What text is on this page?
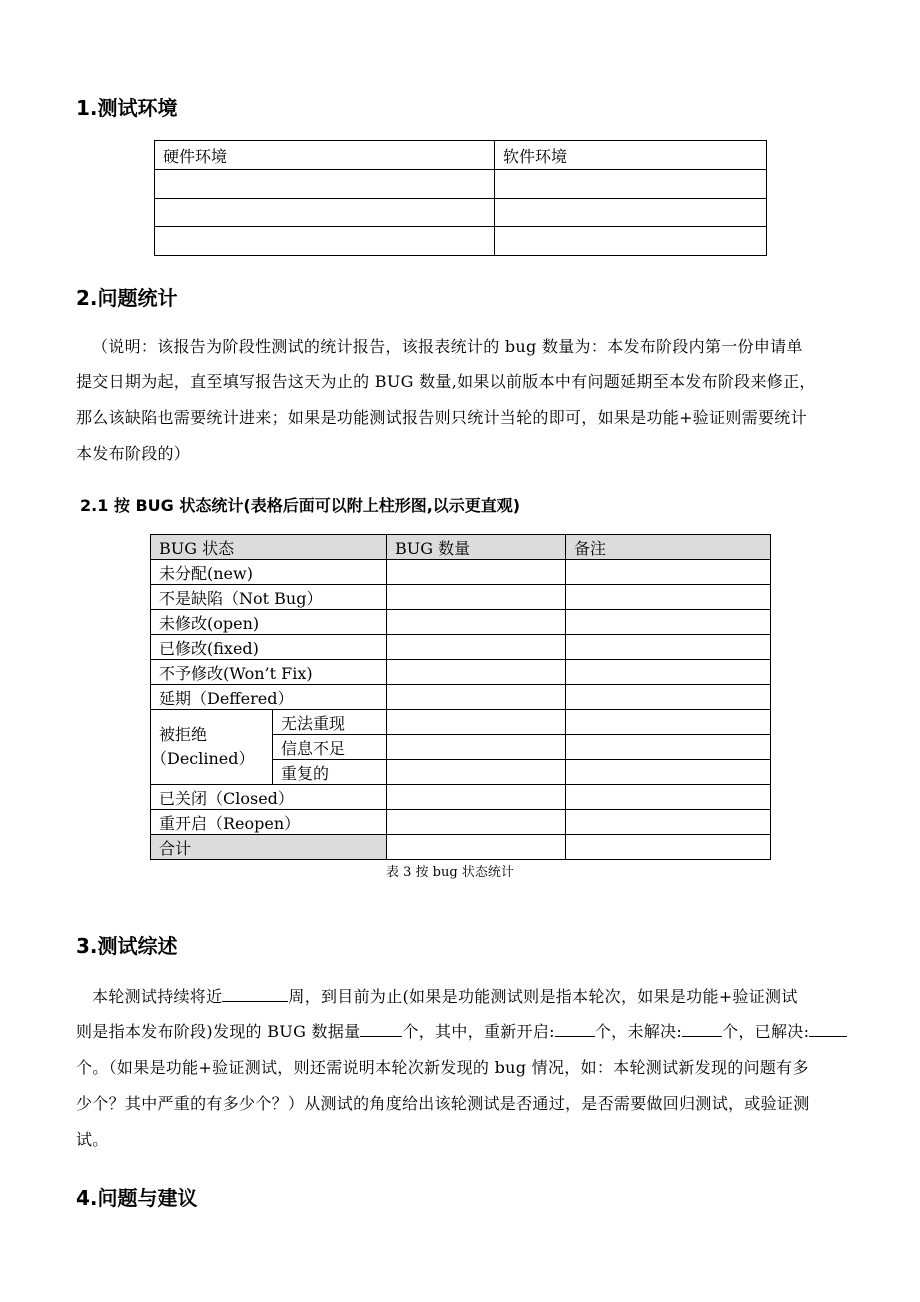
1.测试环境
硬件环境	软件环境

2.问题统计
（说明：该报告为阶段性测试的统计报告，该报表统计的 bug 数量为：本发布阶段内第一份申请单
提交日期为起，直至填写报告这天为止的 BUG 数量,如果以前版本中有问题延期至本发布阶段来修正，
那么该缺陷也需要统计进来；如果是功能测试报告则只统计当轮的即可，如果是功能+验证则需要统计
本发布阶段的）
2.1 按 BUG 状态统计(表格后面可以附上柱形图,以示更直观)
BUG 状态		BUG 数量	备注
未分配(new)			
不是缺陷（Not Bug）			
未修改(open)			
已修改(fixed)			
不予修改(Won’t Fix)			
延期（Deffered）			

被拒绝
（Declined）	无法重现		
	信息不足		
	重复的		
已关闭（Closed）			
重开启（Reopen）			
合计			
表 3 按 bug 状态统计
3.测试综述
本轮测试持续将近	周，到目前为止(如果是功能测试则是指本轮次，如果是功能+验证测试
则是指本发布阶段)发现的 BUG 数据量	个，其中，重新开启:	个，未解决:	个，已解决:
个。（如果是功能+验证测试，则还需说明本轮次新发现的 bug 情况，如：本轮测试新发现的问题有多
少个？其中严重的有多少个？）从测试的角度给出该轮测试是否通过，是否需要做回归测试，或验证测
试。
4.问题与建议
